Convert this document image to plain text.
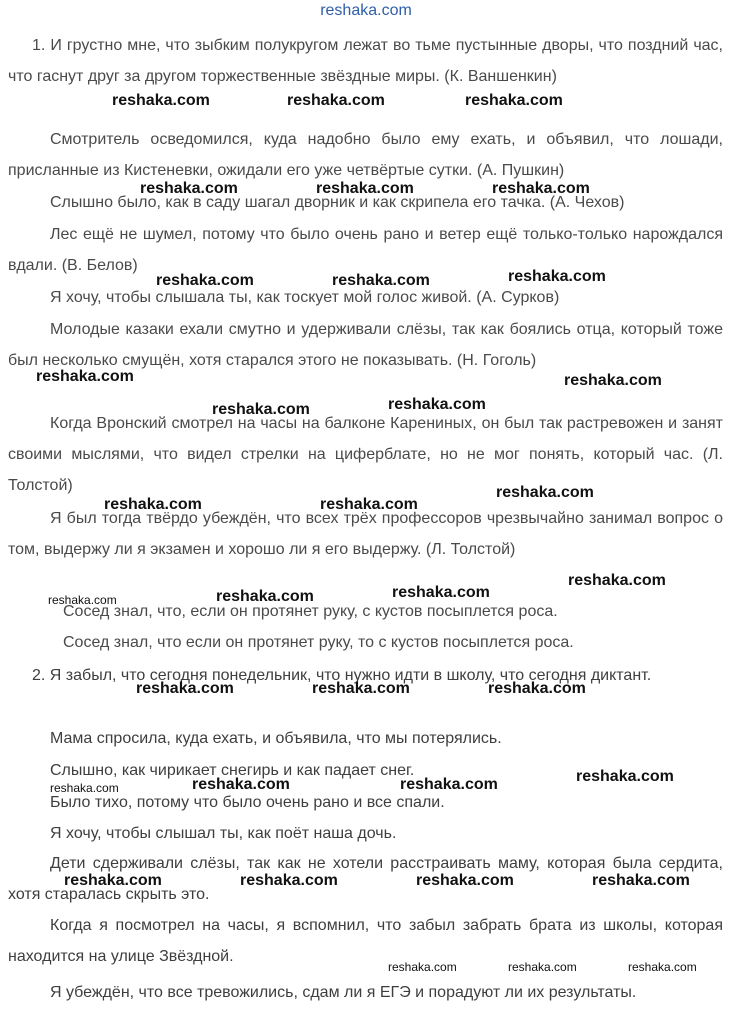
reshaka.com

1. И грустно мне, что зыбким полукругом лежат во тьме пустынные дворы, что поздний час, что гаснут друг за другом торжественные звёздные миры. (К. Ваншенкин)

Смотритель осведомился, куда надобно было ему ехать, и объявил, что лошади, присланные из Кистеневки, ожидали его уже четвёртые сутки. (А. Пушкин)

Слышно было, как в саду шагал дворник и как скрипела его тачка. (А. Чехов)

Лес ещё не шумел, потому что было очень рано и ветер ещё только-только нарождался вдали. (В. Белов)

Я хочу, чтобы слышала ты, как тоскует мой голос живой. (А. Сурков)

Молодые казаки ехали смутно и удерживали слёзы, так как боялись отца, который тоже был несколько смущён, хотя старался этого не показывать. (Н. Гоголь)

Когда Вронский смотрел на часы на балконе Карениных, он был так растревожен и занят своими мыслями, что видел стрелки на циферблате, но не мог понять, который час. (Л. Толстой)

Я был тогда твёрдо убеждён, что всех трёх профессоров чрезвычайно занимал вопрос о том, выдержу ли я экзамен и хорошо ли я его выдержу. (Л. Толстой)

Сосед знал, что, если он протянет руку, с кустов посыплется роса.
Сосед знал, что если он протянет руку, то с кустов посыплется роса.

2. Я забыл, что сегодня понедельник, что нужно идти в школу, что сегодня диктант.

Мама спросила, куда ехать, и объявила, что мы потерялись.
Слышно, как чирикает снегирь и как падает снег.
Было тихо, потому что было очень рано и все спали.
Я хочу, чтобы слышал ты, как поёт наша дочь.

Дети сдерживали слёзы, так как не хотели расстраивать маму, которая была сердита, хотя старалась скрыть это.

Когда я посмотрел на часы, я вспомнил, что забыл забрать брата из школы, которая находится на улице Звёздной.

Я убеждён, что все тревожились, сдам ли я ЕГЭ и порадуют ли их результаты.
reshaka.com	reshaka.com	reshaka.com
reshaka.com	reshaka.com	reshaka.com
reshaka.com	reshaka.com	reshaka.com
reshaka.com	reshaka.com
reshaka.com	reshaka.com
reshaka.com	reshaka.com
reshaka.com
reshaka.com	reshaka.com	reshaka.com
reshaka.com
reshaka.com	reshaka.com	reshaka.com
reshaka.com	reshaka.com	reshaka.com	reshaka.com
reshaka.com	reshaka.com	reshaka.com	reshaka.com
reshaka.com	reshaka.com	reshaka.com
